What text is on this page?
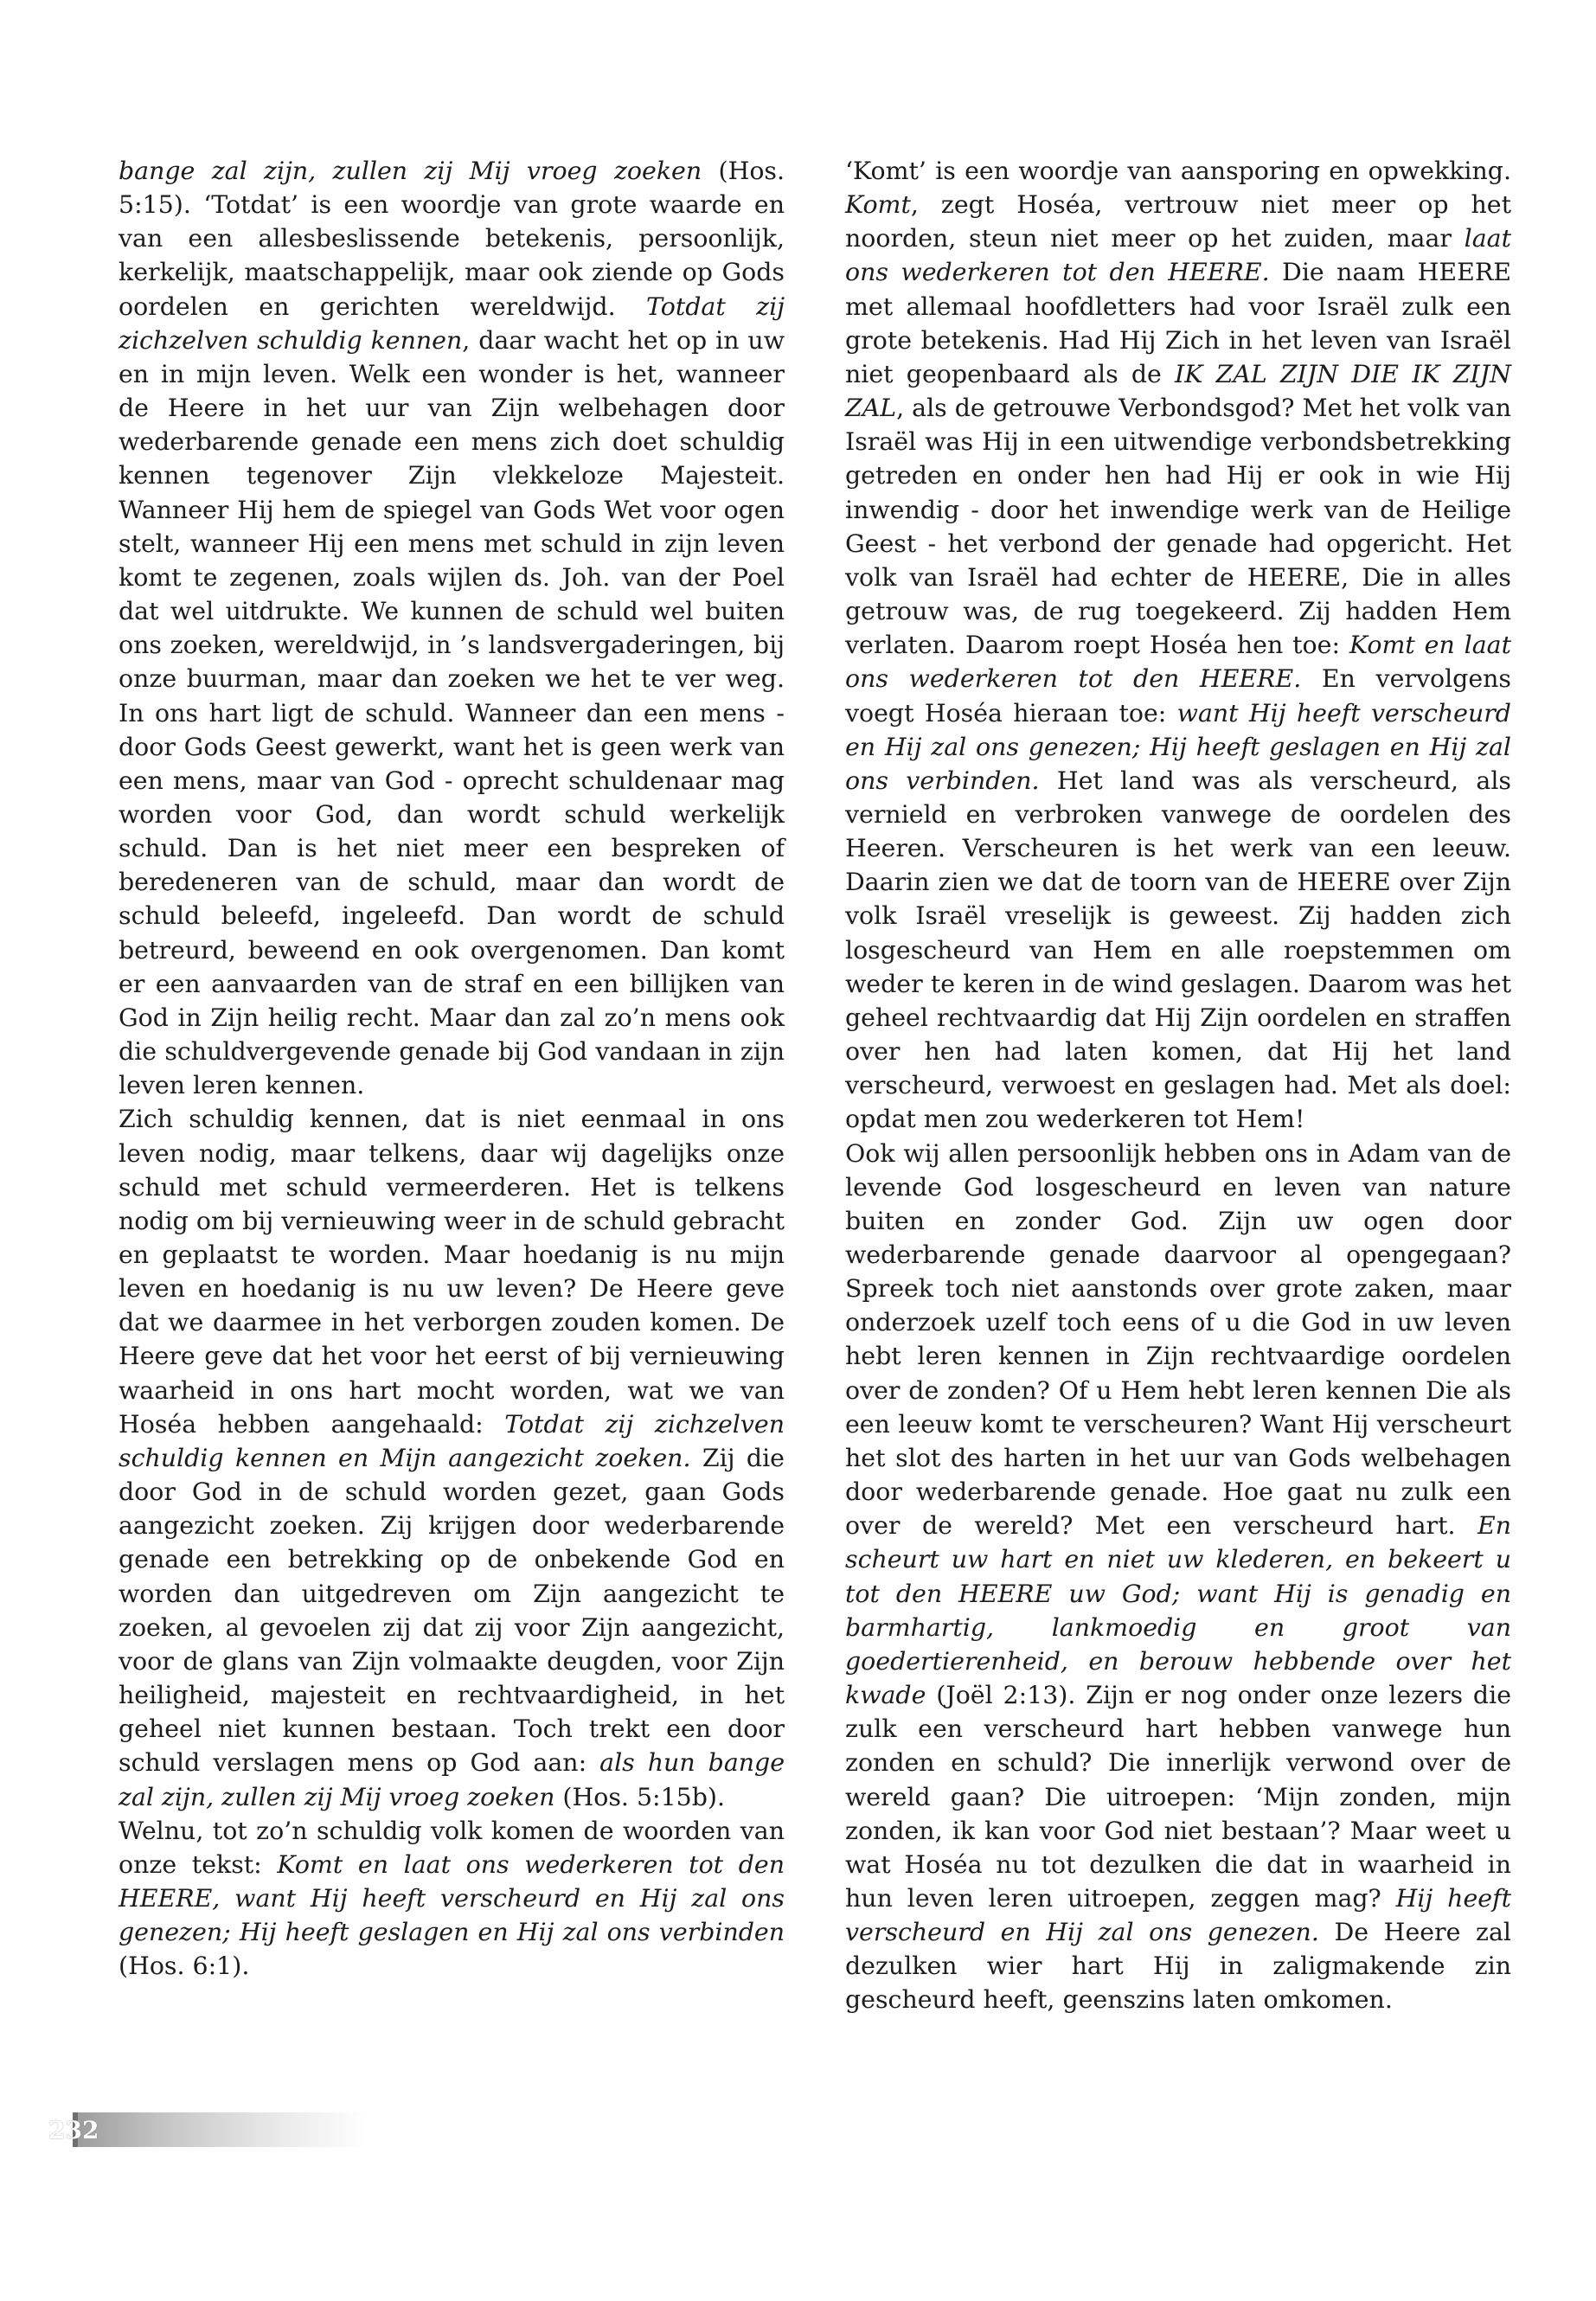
bange zal zijn, zullen zij Mij vroeg zoeken (Hos. 5:15). ‘Totdat’ is een woordje van grote waarde en van een allesbeslissende betekenis, persoonlijk, kerkelijk, maatschappelijk, maar ook ziende op Gods oordelen en gerichten wereldwijd. Totdat zij zichzelven schuldig kennen, daar wacht het op in uw en in mijn leven. Welk een wonder is het, wanneer de Heere in het uur van Zijn welbehagen door wederbarende genade een mens zich doet schuldig kennen tegenover Zijn vlekkeloze Majesteit. Wanneer Hij hem de spiegel van Gods Wet voor ogen stelt, wanneer Hij een mens met schuld in zijn leven komt te zegenen, zoals wijlen ds. Joh. van der Poel dat wel uitdrukte. We kunnen de schuld wel buiten ons zoeken, wereldwijd, in ’s landsvergaderingen, bij onze buurman, maar dan zoeken we het te ver weg. In ons hart ligt de schuld. Wanneer dan een mens - door Gods Geest gewerkt, want het is geen werk van een mens, maar van God - oprecht schuldenaar mag worden voor God, dan wordt schuld werkelijk schuld. Dan is het niet meer een bespreken of beredeneren van de schuld, maar dan wordt de schuld beleefd, ingeleefd. Dan wordt de schuld betreurd, beweend en ook overgenomen. Dan komt er een aanvaarden van de straf en een billijken van God in Zijn heilig recht. Maar dan zal zo’n mens ook die schuldvergevende genade bij God vandaan in zijn leven leren kennen.

Zich schuldig kennen, dat is niet eenmaal in ons leven nodig, maar telkens, daar wij dagelijks onze schuld met schuld vermeerderen. Het is telkens nodig om bij vernieuwing weer in de schuld gebracht en geplaatst te worden. Maar hoedanig is nu mijn leven en hoedanig is nu uw leven? De Heere geve dat we daarmee in het verborgen zouden komen. De Heere geve dat het voor het eerst of bij vernieuwing waarheid in ons hart mocht worden, wat we van Hoséa hebben aangehaald: Totdat zij zichzelven schuldig kennen en Mijn aangezicht zoeken. Zij die door God in de schuld worden gezet, gaan Gods aangezicht zoeken. Zij krijgen door wederbarende genade een betrekking op de onbekende God en worden dan uitgedreven om Zijn aangezicht te zoeken, al gevoelen zij dat zij voor Zijn aangezicht, voor de glans van Zijn volmaakte deugden, voor Zijn heiligheid, majesteit en rechtvaardigheid, in het geheel niet kunnen bestaan. Toch trekt een door schuld verslagen mens op God aan: als hun bange zal zijn, zullen zij Mij vroeg zoeken (Hos. 5:15b).

Welnu, tot zo’n schuldig volk komen de woorden van onze tekst: Komt en laat ons wederkeren tot den HEERE, want Hij heeft verscheurd en Hij zal ons genezen; Hij heeft geslagen en Hij zal ons verbinden (Hos. 6:1).

‘Komt’ is een woordje van aansporing en opwekking. Komt, zegt Hoséa, vertrouw niet meer op het noorden, steun niet meer op het zuiden, maar laat ons wederkeren tot den HEERE. Die naam HEERE met allemaal hoofdletters had voor Israël zulk een grote betekenis. Had Hij Zich in het leven van Israël niet geopenbaard als de IK ZAL ZIJN DIE IK ZIJN ZAL, als de getrouwe Verbondsgod? Met het volk van Israël was Hij in een uitwendige verbondsbetrekking getreden en onder hen had Hij er ook in wie Hij inwendig - door het inwendige werk van de Heilige Geest - het verbond der genade had opgericht. Het volk van Israël had echter de HEERE, Die in alles getrouw was, de rug toegekeerd. Zij hadden Hem verlaten. Daarom roept Hoséa hen toe: Komt en laat ons wederkeren tot den HEERE. En vervolgens voegt Hoséa hieraan toe: want Hij heeft verscheurd en Hij zal ons genezen; Hij heeft geslagen en Hij zal ons verbinden. Het land was als verscheurd, als vernield en verbroken vanwege de oordelen des Heeren. Verscheuren is het werk van een leeuw. Daarin zien we dat de toorn van de HEERE over Zijn volk Israël vreselijk is geweest. Zij hadden zich losgescheurd van Hem en alle roepstemmen om weder te keren in de wind geslagen. Daarom was het geheel rechtvaardig dat Hij Zijn oordelen en straffen over hen had laten komen, dat Hij het land verscheurd, verwoest en geslagen had. Met als doel: opdat men zou wederkeren tot Hem!

Ook wij allen persoonlijk hebben ons in Adam van de levende God losgescheurd en leven van nature buiten en zonder God. Zijn uw ogen door wederbarende genade daarvoor al opengegaan? Spreek toch niet aanstonds over grote zaken, maar onderzoek uzelf toch eens of u die God in uw leven hebt leren kennen in Zijn rechtvaardige oordelen over de zonden? Of u Hem hebt leren kennen Die als een leeuw komt te verscheuren? Want Hij verscheurt het slot des harten in het uur van Gods welbehagen door wederbarende genade. Hoe gaat nu zulk een over de wereld? Met een verscheurd hart. En scheurt uw hart en niet uw klederen, en bekeert u tot den HEERE uw God; want Hij is genadig en barmhartig, lankmoedig en groot van goedertierenheid, en berouw hebbende over het kwade (Joël 2:13). Zijn er nog onder onze lezers die zulk een verscheurd hart hebben vanwege hun zonden en schuld? Die innerlijk verwond over de wereld gaan? Die uitroepen: ‘Mijn zonden, mijn zonden, ik kan voor God niet bestaan’? Maar weet u wat Hoséa nu tot dezulken die dat in waarheid in hun leven leren uitroepen, zeggen mag? Hij heeft verscheurd en Hij zal ons genezen. De Heere zal dezulken wier hart Hij in zaligmakende zin gescheurd heeft, geenszins laten omkomen.

232
